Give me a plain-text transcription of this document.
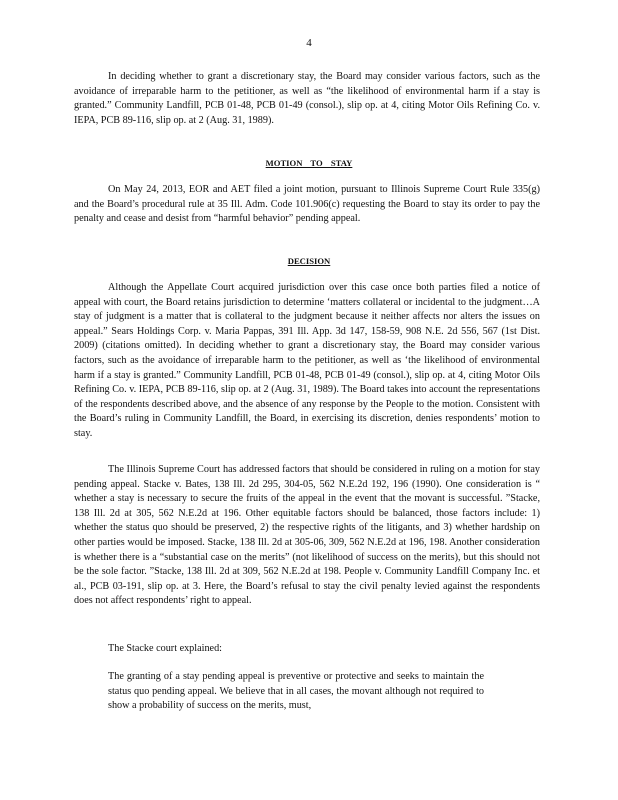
4

In deciding whether to grant a discretionary stay, the Board may consider various factors, such as the avoidance of irreparable harm to the petitioner, as well as “the likelihood of environmental harm if a stay is granted.” Community Landfill, PCB 01-48, PCB 01-49 (consol.), slip op. at 4, citing Motor Oils Refining Co. v. IEPA, PCB 89-116, slip op. at 2 (Aug. 31, 1989).

MOTION TO STAY

On May 24, 2013, EOR and AET filed a joint motion, pursuant to Illinois Supreme Court Rule 335(g) and the Board’s procedural rule at 35 Ill. Adm. Code 101.906(c) requesting the Board to stay its order to pay the penalty and cease and desist from “harmful behavior” pending appeal.

DECISION

Although the Appellate Court acquired jurisdiction over this case once both parties filed a notice of appeal with court, the Board retains jurisdiction to determine ‘matters collateral or incidental to the judgment…A stay of judgment is a matter that is collateral to the judgment because it neither affects nor alters the issues on appeal.” Sears Holdings Corp. v. Maria Pappas, 391 Ill. App. 3d 147, 158-59, 908 N.E. 2d 556, 567 (1st Dist. 2009) (citations omitted). In deciding whether to grant a discretionary stay, the Board may consider various factors, such as the avoidance of irreparable harm to the petitioner, as well as ‘the likelihood of environmental harm if a stay is granted.” Community Landfill, PCB 01-48, PCB 01-49 (consol.), slip op. at 4, citing Motor Oils Refining Co. v. IEPA, PCB 89-116, slip op. at 2 (Aug. 31, 1989). The Board takes into account the representations of the respondents described above, and the absence of any response by the People to the motion. Consistent with the Board’s ruling in Community Landfill, the Board, in exercising its discretion, denies respondents’ motion to stay.

The Illinois Supreme Court has addressed factors that should be considered in ruling on a motion for stay pending appeal. Stacke v. Bates, 138 Ill. 2d 295, 304-05, 562 N.E.2d 192, 196 (1990). One consideration is “ whether a stay is necessary to secure the fruits of the appeal in the event that the movant is successful. ”Stacke, 138 Ill. 2d at 305, 562 N.E.2d at 196. Other equitable factors should be balanced, those factors include: 1) whether the status quo should be preserved, 2) the respective rights of the litigants, and 3) whether hardship on other parties would be imposed. Stacke, 138 Ill. 2d at 305-06, 309, 562 N.E.2d at 196, 198. Another consideration is whether there is a “substantial case on the merits” (not likelihood of success on the merits), but this should not be the sole factor. ”Stacke, 138 Ill. 2d at 309, 562 N.E.2d at 198. People v. Community Landfill Company Inc. et al., PCB 03-191, slip op. at 3. Here, the Board’s refusal to stay the civil penalty levied against the respondents does not affect respondents’ right to appeal.

The Stacke court explained:

The granting of a stay pending appeal is preventive or protective and seeks to maintain the status quo pending appeal. We believe that in all cases, the movant although not required to show a probability of success on the merits, must,
